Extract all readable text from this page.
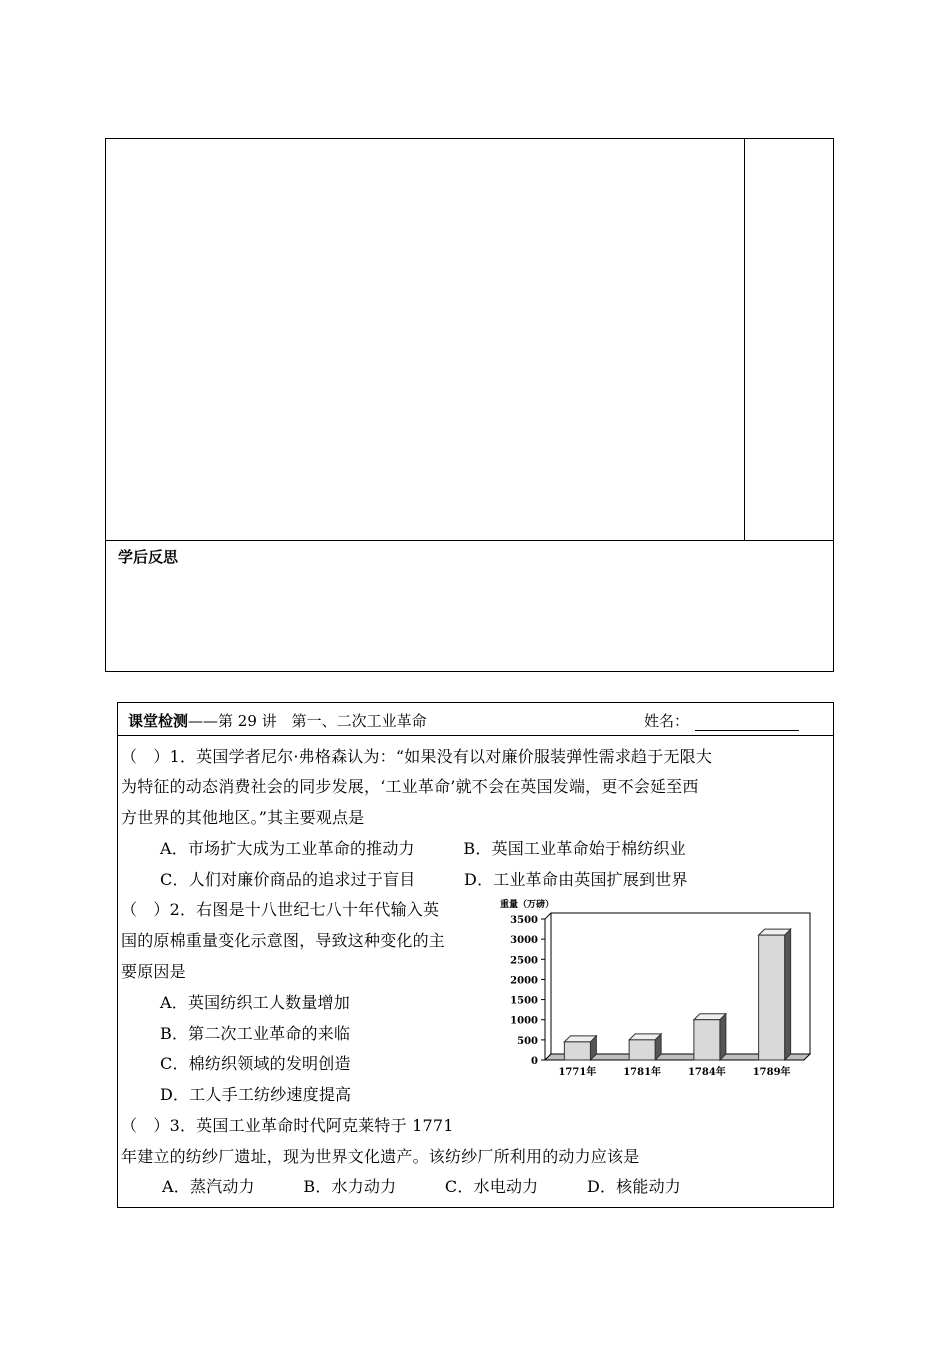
学后反思
课堂检测——第 29 讲　第一、二次工业革命	姓名：
（　）1．英国学者尼尔·弗格森认为：“如果没有以对廉价服装弹性需求趋于无限大
为特征的动态消费社会的同步发展，‘工业革命’就不会在英国发端，更不会延至西
方世界的其他地区。”其主要观点是
A．市场扩大成为工业革命的推动力　　　B．英国工业革命始于棉纺织业
C．人们对廉价商品的追求过于盲目　　　D．工业革命由英国扩展到世界
（　）2．右图是十八世纪七八十年代输入英
国的原棉重量变化示意图，导致这种变化的主
要原因是
A．英国纺织工人数量增加
B．第二次工业革命的来临
C．棉纺织领域的发明创造
D．工人手工纺纱速度提高
（　）3．英国工业革命时代阿克莱特于 1771
年建立的纺纱厂遗址，现为世界文化遗产。该纺纱厂所利用的动力应该是
A．蒸汽动力　　　B．水力动力　　　C．水电动力　　　D．核能动力
重量（万磅）
3500
3000
2500
2000
1500
1000
500
0
1771年	1781年	1784年	1789年
